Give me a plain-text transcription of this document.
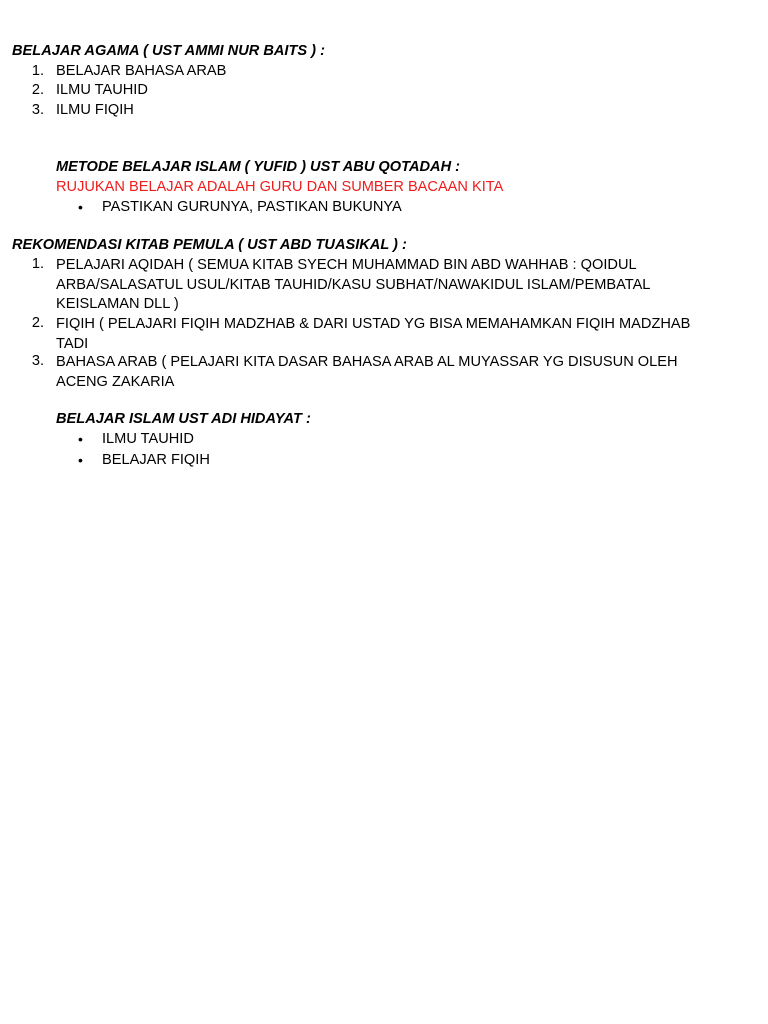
BELAJAR AGAMA ( UST AMMI NUR BAITS ) :
1. BELAJAR BAHASA ARAB
2. ILMU TAUHID
3. ILMU FIQIH
METODE BELAJAR ISLAM ( YUFID ) UST ABU QOTADAH :
RUJUKAN BELAJAR ADALAH GURU DAN SUMBER BACAAN KITA
• PASTIKAN GURUNYA, PASTIKAN BUKUNYA
REKOMENDASI KITAB PEMULA ( UST ABD TUASIKAL ) :
1. PELAJARI AQIDAH ( SEMUA KITAB SYECH MUHAMMAD BIN ABD WAHHAB : QOIDUL
ARBA/SALASATUL USUL/KITAB TAUHID/KASU SUBHAT/NAWAKIDUL ISLAM/PEMBATAL
KEISLAMAN DLL )
2. FIQIH ( PELAJARI FIQIH MADZHAB & DARI USTAD YG BISA MEMAHAMKAN FIQIH MADZHAB
TADI
3. BAHASA ARAB ( PELAJARI KITA DASAR BAHASA ARAB AL MUYASSAR YG DISUSUN OLEH
ACENG ZAKARIA
BELAJAR ISLAM UST ADI HIDAYAT :
• ILMU TAUHID
• BELAJAR FIQIH
